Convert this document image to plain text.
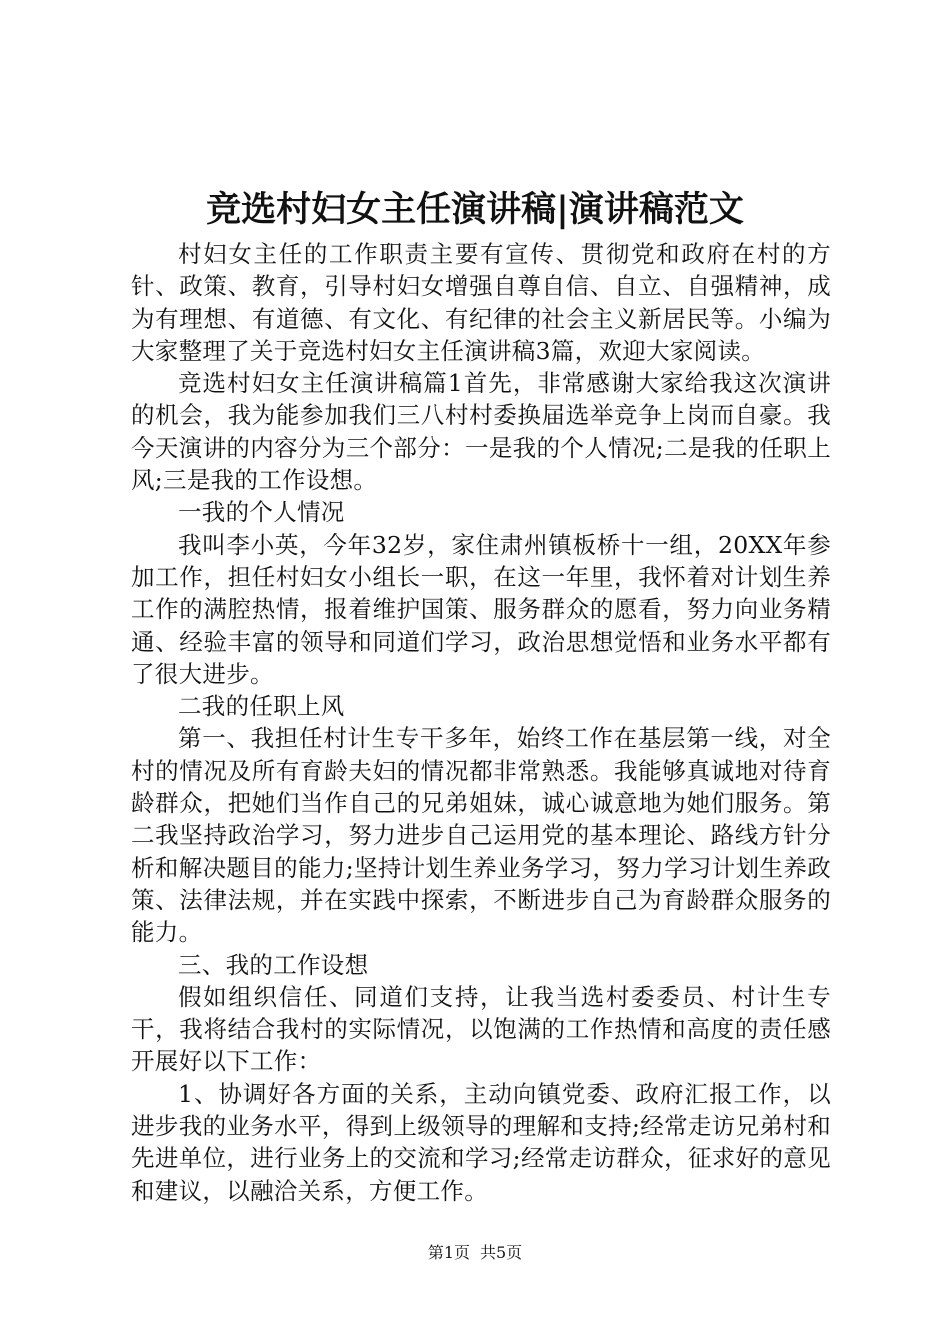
竞选村妇女主任演讲稿|演讲稿范文

村妇女主任的工作职责主要有宣传、贯彻党和政府在村的方针、政策、教育，引导村妇女增强自尊自信、自立、自强精神，成为有理想、有道德、有文化、有纪律的社会主义新居民等。小编为大家整理了关于竞选村妇女主任演讲稿3篇，欢迎大家阅读。

竞选村妇女主任演讲稿篇1首先，非常感谢大家给我这次演讲的机会，我为能参加我们三八村村委换届选举竞争上岗而自豪。我今天演讲的内容分为三个部分：一是我的个人情况;二是我的任职上风;三是我的工作设想。

一我的个人情况

我叫李小英，今年32岁，家住肃州镇板桥十一组，20XX年参加工作，担任村妇女小组长一职，在这一年里，我怀着对计划生养工作的满腔热情，报着维护国策、服务群众的愿看，努力向业务精通、经验丰富的领导和同道们学习，政治思想觉悟和业务水平都有了很大进步。

二我的任职上风

第一、我担任村计生专干多年，始终工作在基层第一线，对全村的情况及所有育龄夫妇的情况都非常熟悉。我能够真诚地对待育龄群众，把她们当作自己的兄弟姐妹，诚心诚意地为她们服务。第二我坚持政治学习，努力进步自己运用党的基本理论、路线方针分析和解决题目的能力;坚持计划生养业务学习，努力学习计划生养政策、法律法规，并在实践中探索，不断进步自己为育龄群众服务的能力。

三、我的工作设想

假如组织信任、同道们支持，让我当选村委委员、村计生专干，我将结合我村的实际情况，以饱满的工作热情和高度的责任感开展好以下工作：

1、协调好各方面的关系，主动向镇党委、政府汇报工作，以进步我的业务水平，得到上级领导的理解和支持;经常走访兄弟村和先进单位，进行业务上的交流和学习;经常走访群众，征求好的意见和建议，以融洽关系，方便工作。

第1页 共5页
